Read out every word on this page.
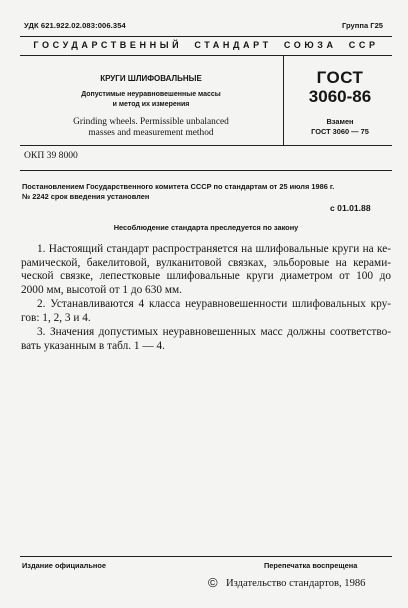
УДК 621.922.02.083:006.354	Группа Г25
ГОСУДАРСТВЕННЫЙ  СТАНДАРТ  СОЮЗА  ССР
КРУГИ ШЛИФОВАЛЬНЫЕ
Допустимые неуравновешенные массы
и метод их измерения
Grinding wheels. Permissible unbalanced
masses and measurement method
ГОСТ
3060-86
Взамен
ГОСТ 3060 — 75
ОКП 39 8000
Постановлением Государственного комитета СССР по стандартам от 25 июля 1986 г.
№ 2242 срок введения установлен
с 01.01.88
Несоблюдение стандарта преследуется по закону
1. Настоящий стандарт распространяется на шлифовальные круги на ке-
рамической, бакелитовой, вулканитовой связках, эльборовые на керами-
ческой связке, лепестковые шлифовальные круги диаметром от 100 до
2000 мм, высотой от 1 до 630 мм.
2. Устанавливаются 4 класса неуравновешенности шлифовальных кру-
гов: 1, 2, 3 и 4.
3. Значения допустимых неуравновешенных масс должны соответство-
вать указанным в табл. 1 — 4.
Издание официальное	Перепечатка воспрещена
© Издательство стандартов, 1986
